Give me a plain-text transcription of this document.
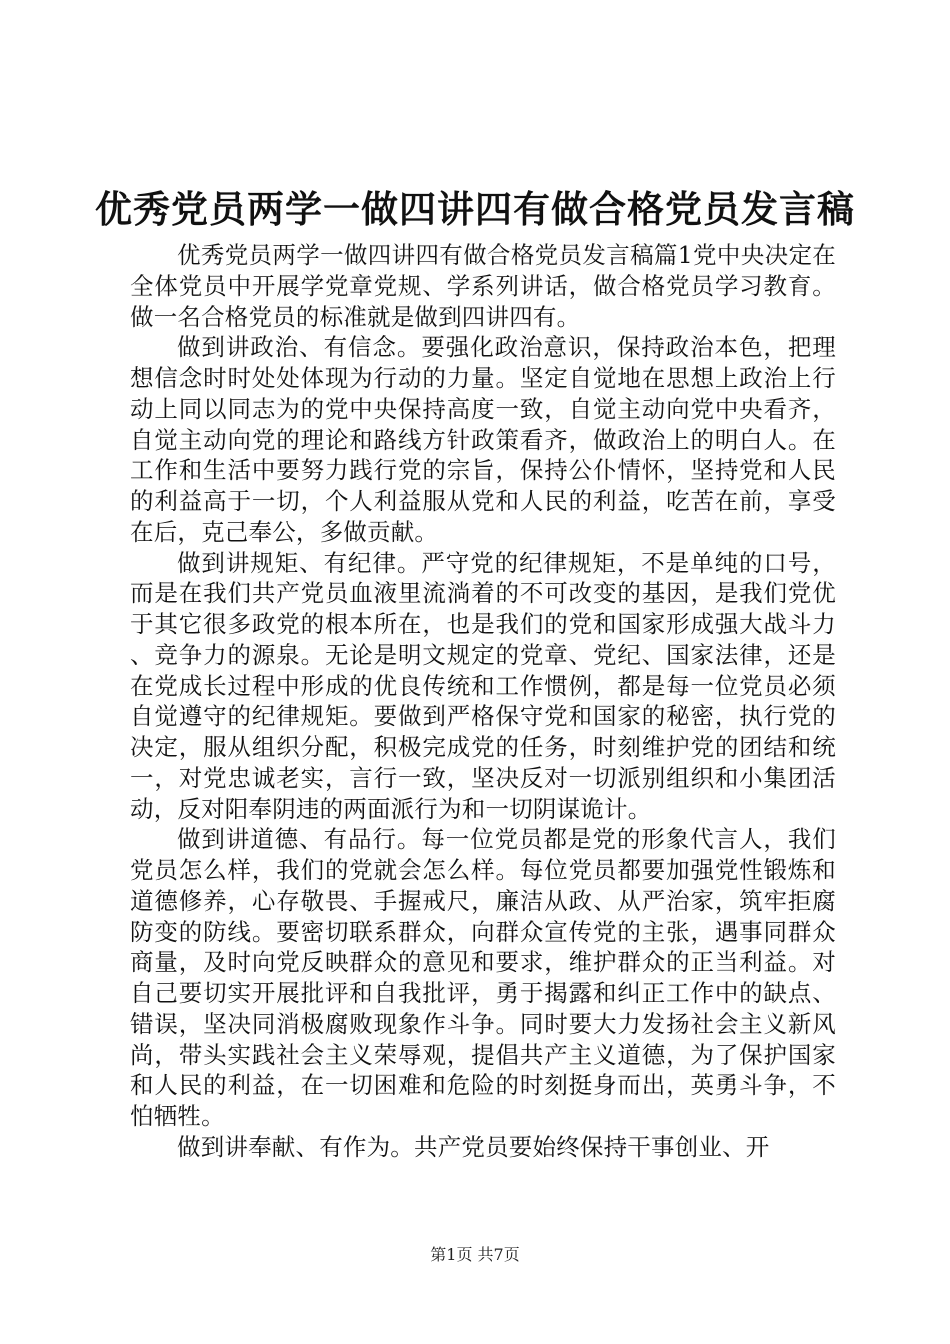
优秀党员两学一做四讲四有做合格党员发言稿

优秀党员两学一做四讲四有做合格党员发言稿篇1党中央决定在全体党员中开展学党章党规、学系列讲话，做合格党员学习教育。做一名合格党员的标准就是做到四讲四有。

做到讲政治、有信念。要强化政治意识，保持政治本色，把理想信念时时处处体现为行动的力量。坚定自觉地在思想上政治上行动上同以同志为的党中央保持高度一致，自觉主动向党中央看齐，自觉主动向党的理论和路线方针政策看齐，做政治上的明白人。在工作和生活中要努力践行党的宗旨，保持公仆情怀，坚持党和人民的利益高于一切，个人利益服从党和人民的利益，吃苦在前，享受在后，克己奉公，多做贡献。

做到讲规矩、有纪律。严守党的纪律规矩，不是单纯的口号，而是在我们共产党员血液里流淌着的不可改变的基因，是我们党优于其它很多政党的根本所在，也是我们的党和国家形成强大战斗力、竞争力的源泉。无论是明文规定的党章、党纪、国家法律，还是在党成长过程中形成的优良传统和工作惯例，都是每一位党员必须自觉遵守的纪律规矩。要做到严格保守党和国家的秘密，执行党的决定，服从组织分配，积极完成党的任务，时刻维护党的团结和统一，对党忠诚老实，言行一致，坚决反对一切派别组织和小集团活动，反对阳奉阴违的两面派行为和一切阴谋诡计。

做到讲道德、有品行。每一位党员都是党的形象代言人，我们党员怎么样，我们的党就会怎么样。每位党员都要加强党性锻炼和道德修养，心存敬畏、手握戒尺，廉洁从政、从严治家，筑牢拒腐防变的防线。要密切联系群众，向群众宣传党的主张，遇事同群众商量，及时向党反映群众的意见和要求，维护群众的正当利益。对自己要切实开展批评和自我批评，勇于揭露和纠正工作中的缺点、错误，坚决同消极腐败现象作斗争。同时要大力发扬社会主义新风尚，带头实践社会主义荣辱观，提倡共产主义道德，为了保护国家和人民的利益，在一切困难和危险的时刻挺身而出，英勇斗争，不怕牺牲。

做到讲奉献、有作为。共产党员要始终保持干事创业、开

第1页 共7页
